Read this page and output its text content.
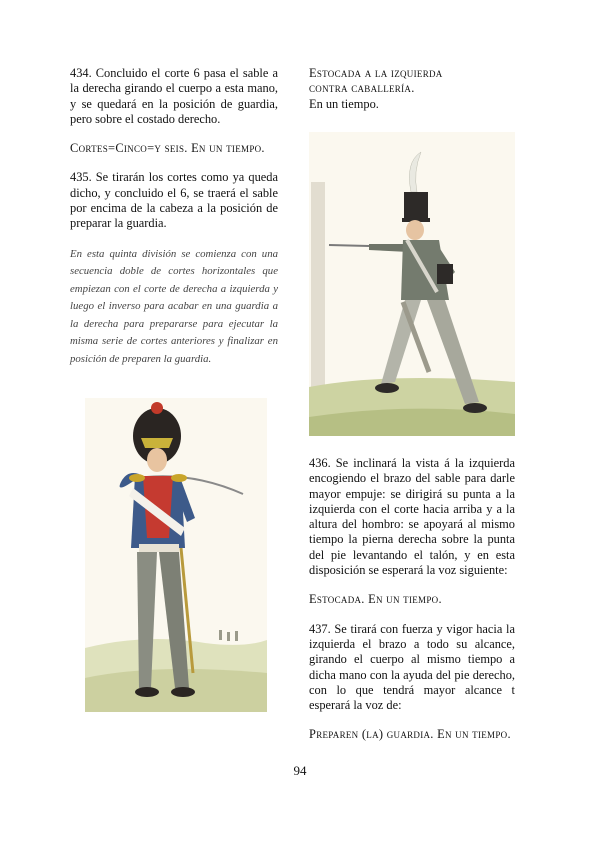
434. Concluido el corte 6 pasa el sable a la derecha girando el cuerpo a esta mano, y se quedará en la posición de guardia, pero sobre el costado derecho.

Cortes=Cinco=y seis. En un tiempo.

435. Se tirarán los cortes como ya queda dicho, y concluido el 6, se traerá el sable por encima de la cabeza a la posición de preparar la guardia.

En esta quinta división se comienza con una secuencia doble de cortes horizontales que empiezan con el corte de derecha a izquierda y luego el inverso para acabar en una guardia a la derecha para prepararse para ejecutar la misma serie de cortes anteriores y finalizar en posición de preparen la guardia.

Estocada a la izquierda

contra caballería.

En un tiempo.

436. Se inclinará la vista á la izquierda encogiendo el brazo del sable para darle mayor empuje: se dirigirá su punta a la izquierda con el corte hacia arriba y a la altura del hombro: se apoyará al mismo tiempo la pierna derecha sobre la punta del pie levantando el talón, y en esta disposición se esperará la voz siguiente:

Estocada. En un tiempo.

437. Se tirará con fuerza y vigor hacia la izquierda el brazo a todo su alcance, girando el cuerpo al mismo tiempo a dicha mano con la ayuda del pie derecho, con lo que tendrá mayor alcance t esperará la voz de:

Preparen (la) guardia. En un tiempo.

94
